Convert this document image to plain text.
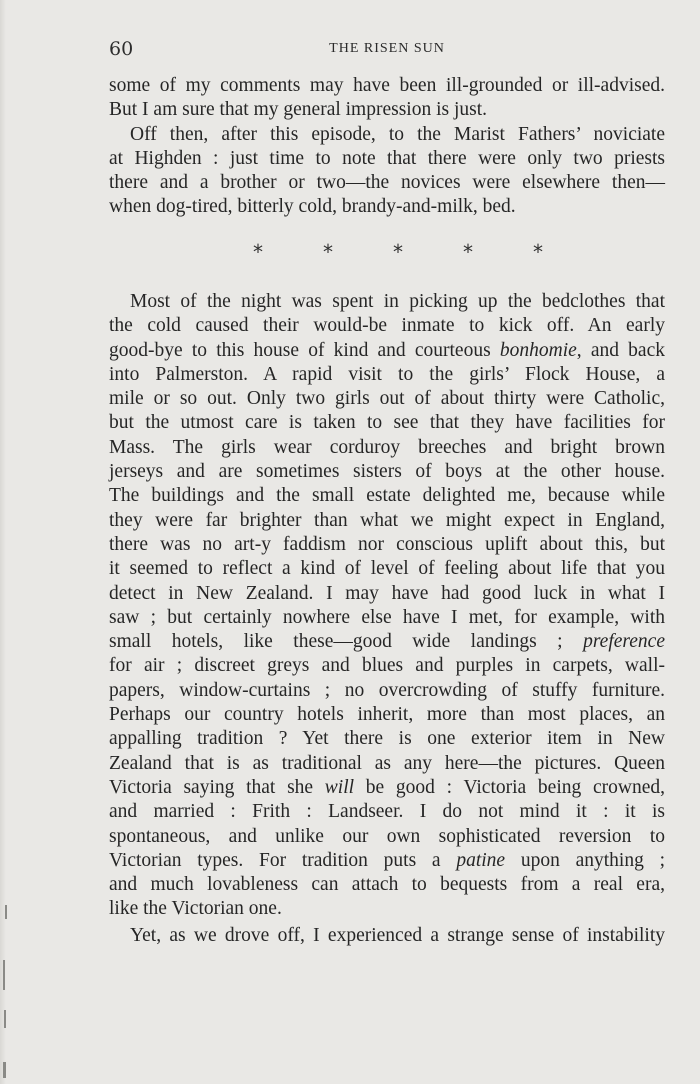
60	THE RISEN SUN
some of my comments may have been ill-grounded or ill-advised.
But I am sure that my general impression is just.
Off then, after this episode, to the Marist Fathers’ noviciate
at Highden : just time to note that there were only two priests
there and a brother or two—the novices were elsewhere then—
when dog-tired, bitterly cold, brandy-and-milk, bed.
*	*	*	*	*
Most of the night was spent in picking up the bedclothes that
the cold caused their would-be inmate to kick off. An early
good-bye to this house of kind and courteous bonhomie, and back
into Palmerston. A rapid visit to the girls’ Flock House, a
mile or so out. Only two girls out of about thirty were Catholic,
but the utmost care is taken to see that they have facilities for
Mass. The girls wear corduroy breeches and bright brown
jerseys and are sometimes sisters of boys at the other house.
The buildings and the small estate delighted me, because while
they were far brighter than what we might expect in England,
there was no art-y faddism nor conscious uplift about this, but
it seemed to reflect a kind of level of feeling about life that you
detect in New Zealand. I may have had good luck in what I
saw ; but certainly nowhere else have I met, for example, with
small hotels, like these—good wide landings ; preference
for air ; discreet greys and blues and purples in carpets, wall-
papers, window-curtains ; no overcrowding of stuffy furniture.
Perhaps our country hotels inherit, more than most places, an
appalling tradition ? Yet there is one exterior item in New
Zealand that is as traditional as any here—the pictures. Queen
Victoria saying that she will be good : Victoria being crowned,
and married : Frith : Landseer. I do not mind it : it is
spontaneous, and unlike our own sophisticated reversion to
Victorian types. For tradition puts a patine upon anything ;
and much lovableness can attach to bequests from a real era,
like the Victorian one.
Yet, as we drove off, I experienced a strange sense of instability
